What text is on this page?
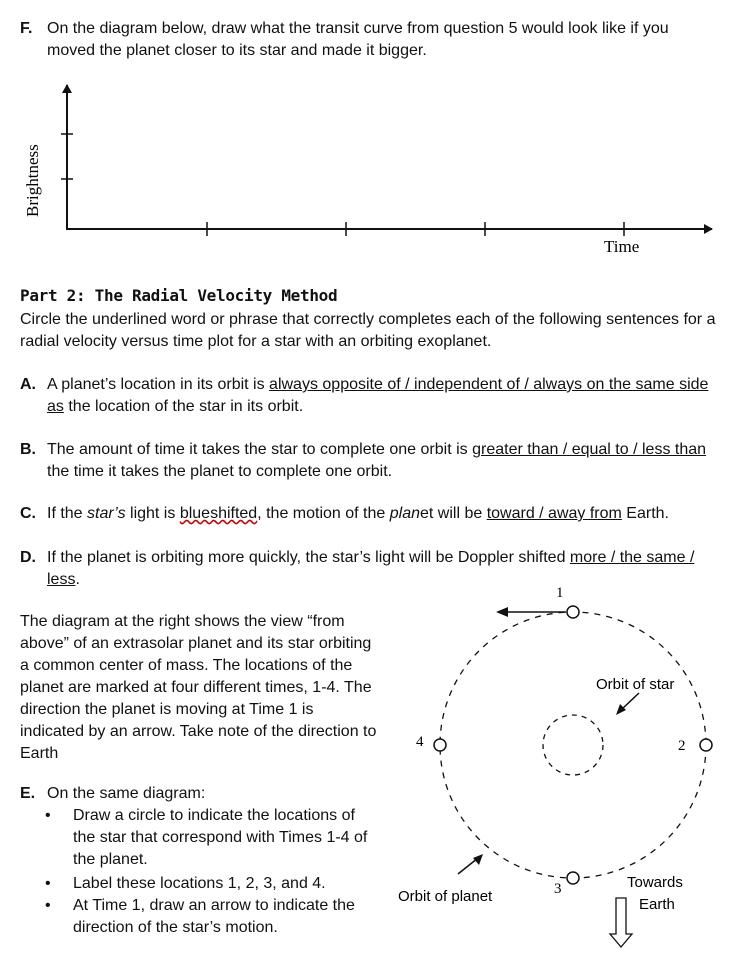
F. On the diagram below, draw what the transit curve from question 5 would look like if you moved the planet closer to its star and made it bigger.
Brightness
Time
Part 2: The Radial Velocity Method
Circle the underlined word or phrase that correctly completes each of the following sentences for a radial velocity versus time plot for a star with an orbiting exoplanet.
A. A planet’s location in its orbit is always opposite of / independent of / always on the same side as the location of the star in its orbit.
B. The amount of time it takes the star to complete one orbit is greater than / equal to / less than the time it takes the planet to complete one orbit.
C. If the star’s light is blueshifted, the motion of the planet will be toward / away from Earth.
D. If the planet is orbiting more quickly, the star’s light will be Doppler shifted more / the same / less.
The diagram at the right shows the view “from above” of an extrasolar planet and its star orbiting a common center of mass. The locations of the planet are marked at four different times, 1-4. The direction the planet is moving at Time 1 is indicated by an arrow. Take note of the direction to Earth
E. On the same diagram:
• Draw a circle to indicate the locations of the star that correspond with Times 1-4 of the planet.
• Label these locations 1, 2, 3, and 4.
• At Time 1, draw an arrow to indicate the direction of the star’s motion.
1
2
3
4
Orbit of star
Orbit of planet
Towards
Earth
